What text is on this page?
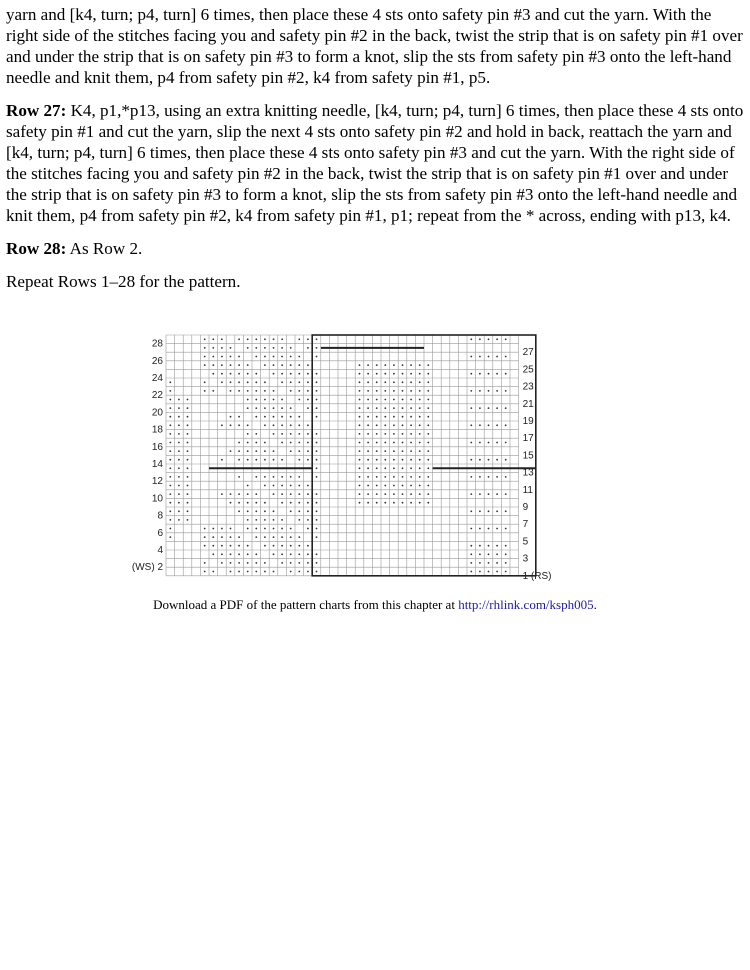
yarn and [k4, turn; p4, turn] 6 times, then place these 4 sts onto safety pin #3 and cut the yarn. With the right side of the stitches facing you and safety pin #2 in the back, twist the strip that is on safety pin #1 over and under the strip that is on safety pin #3 to form a knot, slip the sts from safety pin #3 onto the left-hand needle and knit them, p4 from safety pin #2, k4 from safety pin #1, p5.

Row 27: K4, p1,*p13, using an extra knitting needle, [k4, turn; p4, turn] 6 times, then place these 4 sts onto safety pin #1 and cut the yarn, slip the next 4 sts onto safety pin #2 and hold in back, reattach the yarn and [k4, turn; p4, turn] 6 times, then place these 4 sts onto safety pin #3 and cut the yarn. With the right side of the stitches facing you and safety pin #2 in the back, twist the strip that is on safety pin #1 over and under the strip that is on safety pin #3 to form a knot, slip the sts from safety pin #3 onto the left-hand needle and knit them, p4 from safety pin #2, k4 from safety pin #1, p1; repeat from the * across, ending with p13, k4.

Row 28: As Row 2.

Repeat Rows 1–28 for the pattern.

28
26
24
22
20
18
16
14
12
10
8
6
4
(WS) 2
27
25
23
21
19
17
15
13
11
9
7
5
3
1 (RS)
Download a PDF of the pattern charts from this chapter at http://rhlink.com/ksph005.
